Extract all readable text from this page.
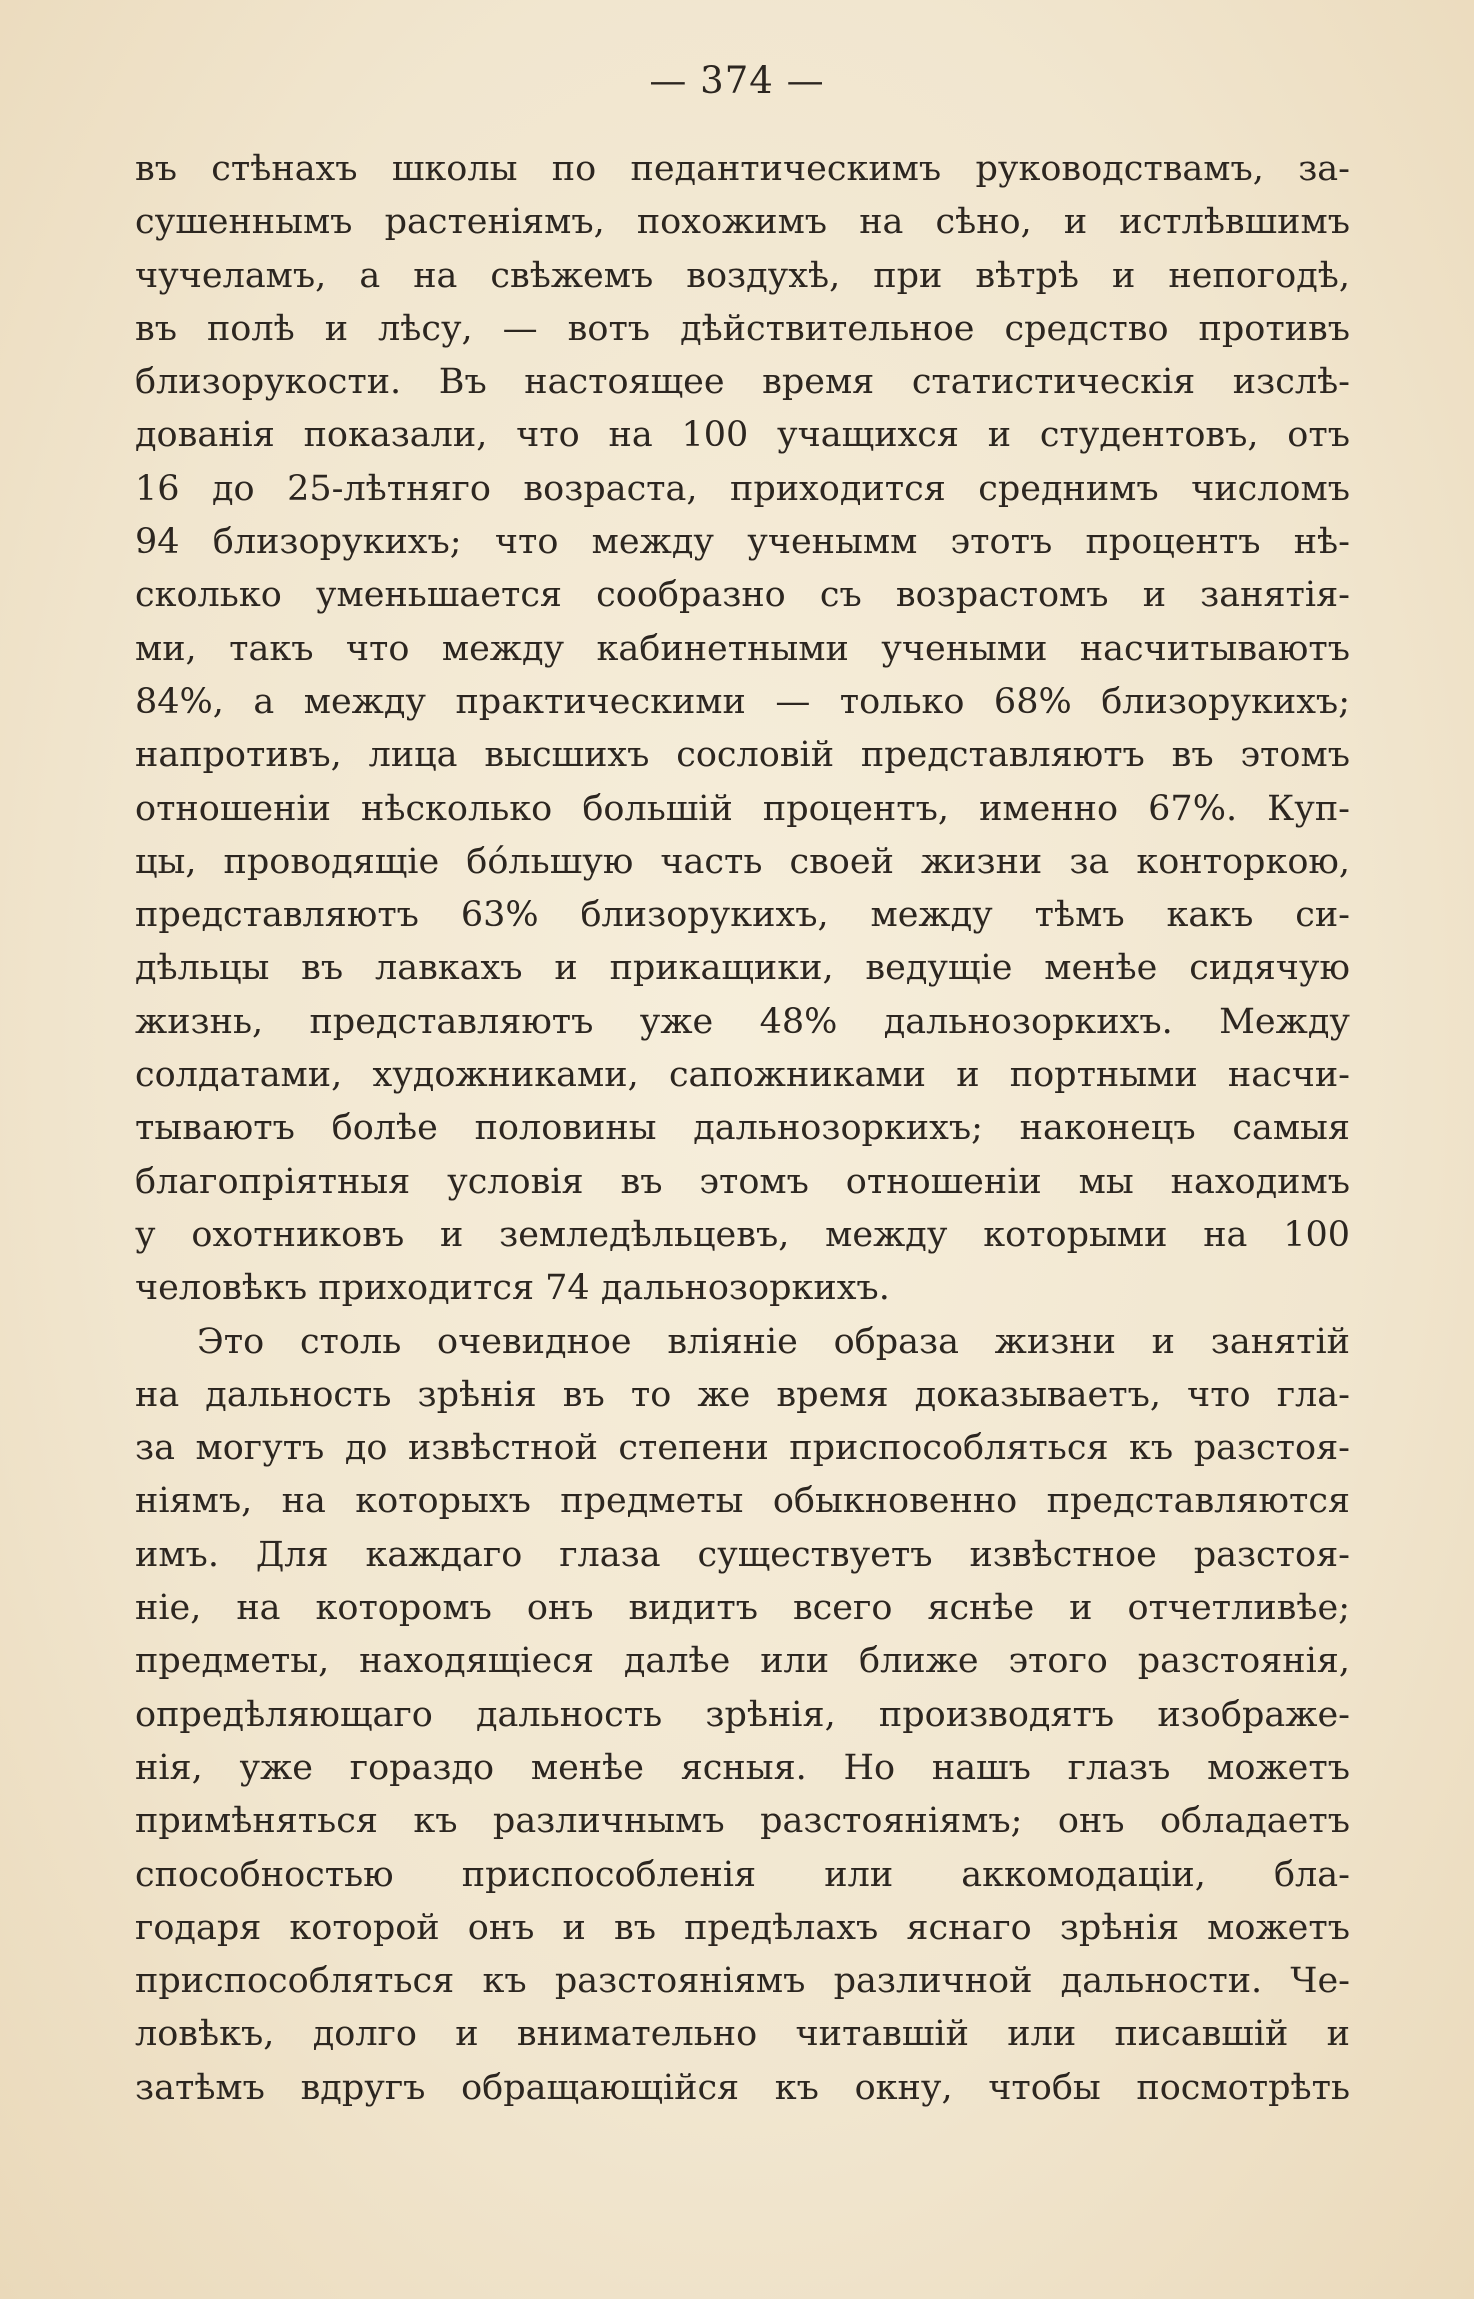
— 374 —
въ стѣнахъ школы по педантическимъ руководствамъ, за-
сушеннымъ растеніямъ, похожимъ на сѣно, и истлѣвшимъ
чучеламъ, а на свѣжемъ воздухѣ, при вѣтрѣ и непогодѣ,
въ полѣ и лѣсу, — вотъ дѣйствительное средство противъ
близорукости. Въ настоящее время статистическія изслѣ-
дованія показали, что на 100 учащихся и студентовъ, отъ
16 до 25-лѣтняго возраста, приходится среднимъ числомъ
94 близорукихъ; что между ученымм этотъ процентъ нѣ-
сколько уменьшается сообразно съ возрастомъ и занятія-
ми, такъ что между кабинетными учеными насчитываютъ
84%, а между практическими — только 68% близорукихъ;
напротивъ, лица высшихъ сословій представляютъ въ этомъ
отношеніи нѣсколько большій процентъ, именно 67%. Куп-
цы, проводящіе бóльшую часть своей жизни за конторкою,
представляютъ 63% близорукихъ, между тѣмъ какъ си-
дѣльцы въ лавкахъ и прикащики, ведущіе менѣе сидячую
жизнь, представляютъ уже 48% дальнозоркихъ. Между
солдатами, художниками, сапожниками и портными насчи-
тываютъ болѣе половины дальнозоркихъ; наконецъ самыя
благопріятныя условія въ этомъ отношеніи мы находимъ
у охотниковъ и земледѣльцевъ, между которыми на 100
человѣкъ приходится 74 дальнозоркихъ.
Это столь очевидное вліяніе образа жизни и занятій
на дальность зрѣнія въ то же время доказываетъ, что гла-
за могутъ до извѣстной степени приспособляться къ разстоя-
ніямъ, на которыхъ предметы обыкновенно представляются
имъ. Для каждаго глаза существуетъ извѣстное разстоя-
ніе, на которомъ онъ видитъ всего яснѣе и отчетливѣе;
предметы, находящіеся далѣе или ближе этого разстоянія,
опредѣляющаго дальность зрѣнія, производятъ изображе-
нія, уже гораздо менѣе ясныя. Но нашъ глазъ можетъ
примѣняться къ различнымъ разстояніямъ; онъ обладаетъ
способностью приспособленія или аккомодаціи, бла-
годаря которой онъ и въ предѣлахъ яснаго зрѣнія можетъ
приспособляться къ разстояніямъ различной дальности. Че-
ловѣкъ, долго и внимательно читавшій или писавшій и
затѣмъ вдругъ обращающійся къ окну, чтобы посмотрѣть
